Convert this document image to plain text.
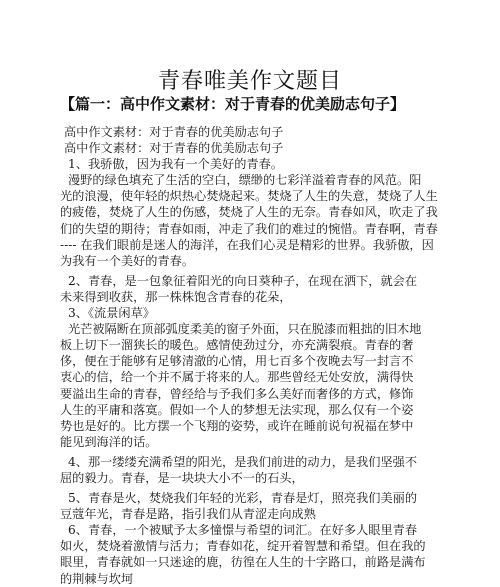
青春唯美作文题目
【篇一：高中作文素材：对于青春的优美励志句子】
高中作文素材：对于青春的优美励志句子
高中作文素材：对于青春的优美励志句子
1、我骄傲，因为我有一个美好的青春。
漫野的绿色填充了生活的空白，缥缈的七彩洋溢着青春的风范。阳
光的浪漫，使年轻的炽热心焚烧起来。焚烧了人生的失意，焚烧了人生
的疲倦，焚烧了人生的伤感，焚烧了人生的无奈。青春如风，吹走了我
们的失望的期待；青春如雨，冲走了我们的难过的惋惜。青春啊，青春
---- 在我们眼前是迷人的海洋，在我们心灵是精彩的世界。我骄傲，因
为我有一个美好的青春。
2、青春，是一包象征着阳光的向日葵种子，在现在洒下，就会在
未来得到收获，那一株株饱含青春的花朵，
3、《流景闲草》
光芒被隔断在顶部弧度柔美的窗子外面，只在脱漆而粗拙的旧木地
板上切下一溜狭长的暖色。感情使劲过分，亦充满裂痕。青春的奢
侈，便在于能够有足够清澈的心情，用七百多个夜晚去写一封言不
衷心的信，给一个并不属于将来的人。那些曾经无处安放，满得快
要溢出生命的青春，曾经给与予我们多么美好而奢侈的方式，修饰
人生的平庸和落寞。假如一个人的梦想无法实现，那么仅有一个姿
势也是好的。比方摆一个飞翔的姿势，或许在睡前说句祝福在梦中
能见到海洋的话。
4、那一缕缕充满希望的阳光，是我们前进的动力，是我们坚强不
屈的毅力。青春，是一块块大小不一的石头，
5、青春是火，焚烧我们年轻的光彩，青春是灯，照亮我们美丽的
豆蔻年光，青春是路，指引我们从青涩走向成熟
6、青春，一个被赋予太多憧憬与希望的词汇。在好多人眼里青春
如火，焚烧着激情与活力；青春如花，绽开着智慧和希望。但在我的
眼里，青春就如一只迷途的鹿，彷徨在人生的十字路口，前路是满布
的荆棘与坎坷
